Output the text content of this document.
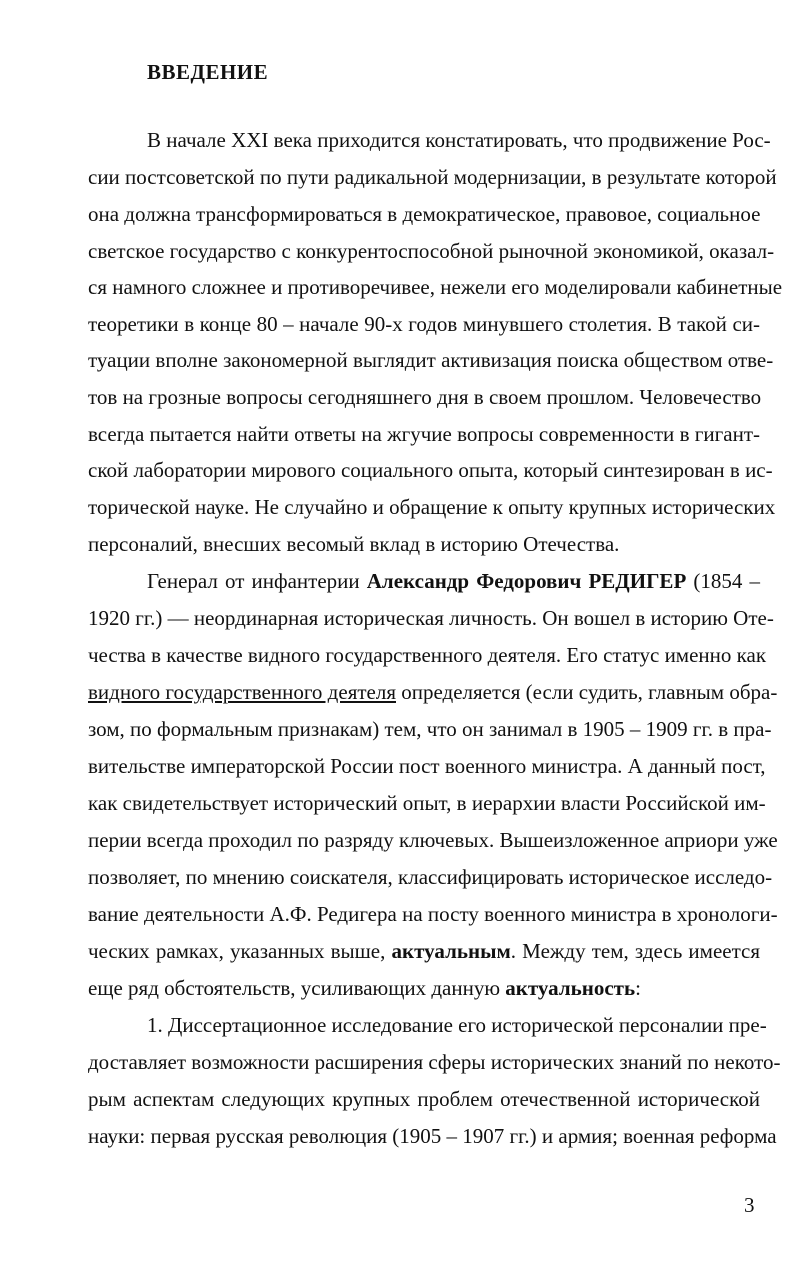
ВВЕДЕНИЕ
В начале XXI века приходится констатировать, что продвижение Рос-
сии постсоветской по пути радикальной модернизации, в результате которой
она должна трансформироваться в демократическое, правовое, социальное
светское государство с конкурентоспособной рыночной экономикой, оказал-
ся намного сложнее и противоречивее, нежели его моделировали кабинетные
теоретики в конце 80 – начале 90-х годов минувшего столетия. В такой си-
туации вполне закономерной выглядит активизация поиска обществом отве-
тов на грозные вопросы сегодняшнего дня в своем прошлом. Человечество
всегда пытается найти ответы на жгучие вопросы современности в гигант-
ской лаборатории мирового социального опыта, который синтезирован в ис-
торической науке. Не случайно и обращение к опыту крупных исторических
персоналий, внесших весомый вклад в историю Отечества.
Генерал от инфантерии Александр Федорович РЕДИГЕР (1854 –
1920 гг.) — неординарная историческая личность. Он вошел в историю Оте-
чества в качестве видного государственного деятеля. Его статус именно как
видного государственного деятеля определяется (если судить, главным обра-
зом, по формальным признакам) тем, что он занимал в 1905 – 1909 гг. в пра-
вительстве императорской России пост военного министра. А данный пост,
как свидетельствует исторический опыт, в иерархии власти Российской им-
перии всегда проходил по разряду ключевых. Вышеизложенное априори уже
позволяет, по мнению соискателя, классифицировать историческое исследо-
вание деятельности А.Ф. Редигера на посту военного министра в хронологи-
ческих рамках, указанных выше, актуальным. Между тем, здесь имеется
еще ряд обстоятельств, усиливающих данную актуальность:
1. Диссертационное исследование его исторической персоналии пре-
доставляет возможности расширения сферы исторических знаний по некото-
рым аспектам следующих крупных проблем отечественной исторической
науки: первая русская революция (1905 – 1907 гг.) и армия; военная реформа
3
